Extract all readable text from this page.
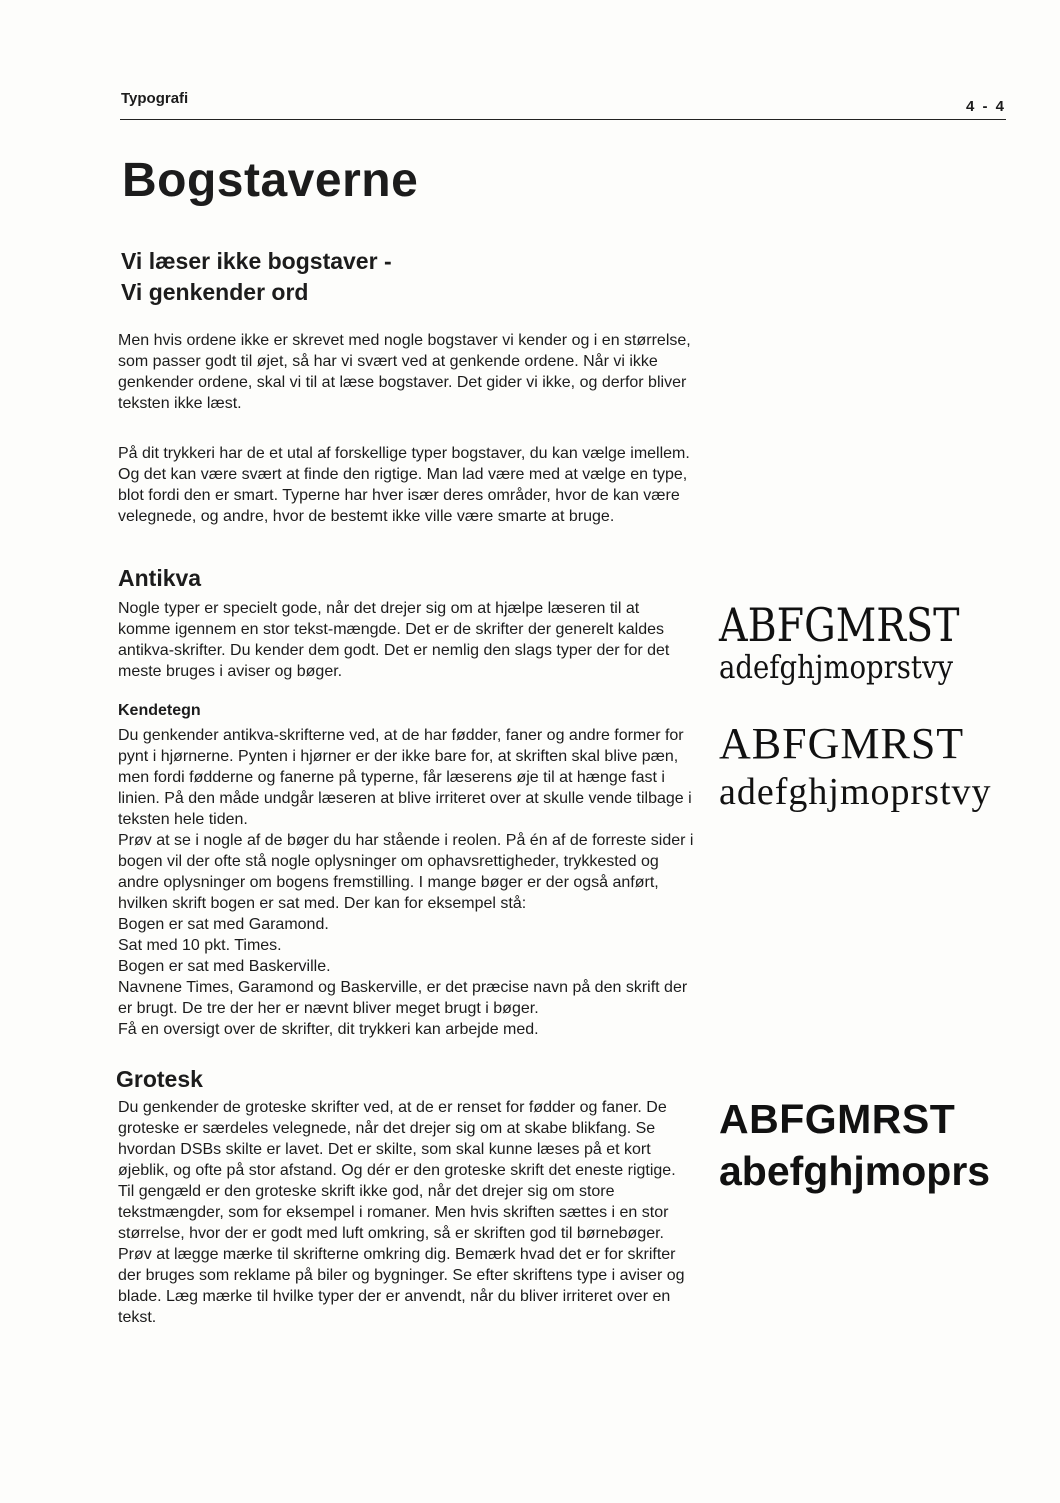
Typografi	4 - 4
Bogstaverne
Vi læser ikke bogstaver -
Vi genkender ord

Men hvis ordene ikke er skrevet med nogle bogstaver vi kender og i en størrelse, som passer godt til øjet, så har vi svært ved at genkende ordene. Når vi ikke genkender ordene, skal vi til at læse bogstaver. Det gider vi ikke, og derfor bliver teksten ikke læst.

På dit trykkeri har de et utal af forskellige typer bogstaver, du kan vælge imellem. Og det kan være svært at finde den rigtige. Man lad være med at vælge en type, blot fordi den er smart. Typerne har hver især deres områder, hvor de kan være velegnede, og andre, hvor de bestemt ikke ville være smarte at bruge.

Antikva

Nogle typer er specielt gode, når det drejer sig om at hjælpe læseren til at komme igennem en stor tekst-mængde. Det er de skrifter der generelt kaldes antikva-skrifter. Du kender dem godt. Det er nemlig den slags typer der for det meste bruges i aviser og bøger.

Kendetegn

Du genkender antikva-skrifterne ved, at de har fødder, faner og andre former for pynt i hjørnerne. Pynten i hjørner er der ikke bare for, at skriften skal blive pæn, men fordi fødderne og fanerne på typerne, får læserens øje til at hænge fast i linien. På den måde undgår læseren at blive irriteret over at skulle vende tilbage i teksten hele tiden.

Prøv at se i nogle af de bøger du har stående i reolen. På én af de forreste sider i bogen vil der ofte stå nogle oplysninger om ophavsrettigheder, trykkested og andre oplysninger om bogens fremstilling. I mange bøger er der også anført, hvilken skrift bogen er sat med. Der kan for eksempel stå:

Bogen er sat med Garamond.

Sat med 10 pkt. Times.

Bogen er sat med Baskerville.

Navnene Times, Garamond og Baskerville, er det præcise navn på den skrift der er brugt. De tre der her er nævnt bliver meget brugt i bøger.

Få en oversigt over de skrifter, dit trykkeri kan arbejde med.

ABFGMRST
adefghjmoprstvy
ABFGMRST
adefghjmoprstvy
Grotesk

Du genkender de groteske skrifter ved, at de er renset for fødder og faner. De groteske er særdeles velegnede, når det drejer sig om at skabe blikfang. Se hvordan DSBs skilte er lavet. Det er skilte, som skal kunne læses på et kort øjeblik, og ofte på stor afstand. Og dér er den groteske skrift det eneste rigtige.

Til gengæld er den groteske skrift ikke god, når det drejer sig om store tekstmængder, som for eksempel i romaner. Men hvis skriften sættes i en stor størrelse, hvor der er godt med luft omkring, så er skriften god til børnebøger.

Prøv at lægge mærke til skrifterne omkring dig. Bemærk hvad det er for skrifter der bruges som reklame på biler og bygninger. Se efter skriftens type i aviser og blade. Læg mærke til hvilke typer der er anvendt, når du bliver irriteret over en tekst.

ABFGMRST
abefghjmoprs
